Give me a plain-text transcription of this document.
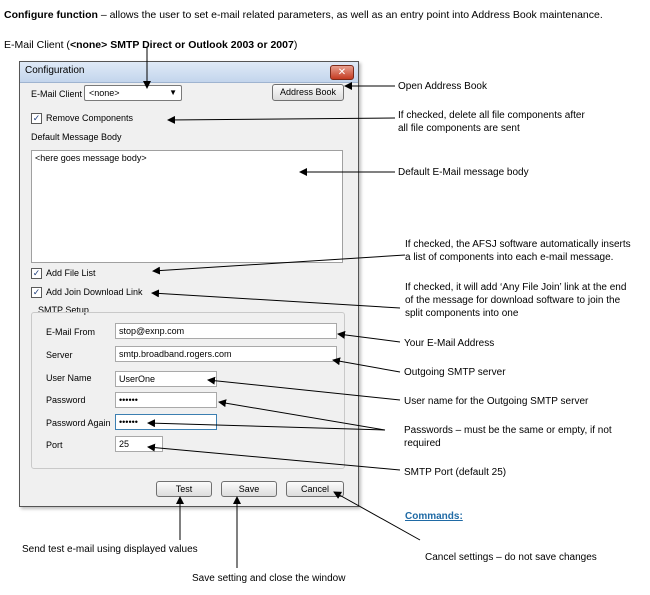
Configure function – allows the user to set e-mail related parameters, as well as an entry point into Address Book maintenance.
E-Mail Client (<none> SMTP Direct or Outlook 2003 or 2007)
Configuration	✕
E-Mail Client <none>	▼	Address Book
✓ Remove Components
Default Message Body
<here goes message body>
✓ Add File List
✓ Add Join Download Link
SMTP Setup
E-Mail From	stop@exnp.com
Server	smtp.broadband.rogers.com
User Name	UserOne
Password	••••••
Password Again ••••••
Port	25
Test	Save	Cancel
Open Address Book
If checked, delete all file components after
all file components are sent
Default E-Mail message body
If checked, the AFSJ software automatically inserts
a list of components into each e-mail message.
If checked, it will add ‘Any File Join’ link at the end
of the message for download software to join the
split components into one
Your E-Mail Address
Outgoing SMTP server
User name for the Outgoing SMTP server
Passwords – must be the same or empty, if not
required
SMTP Port (default 25)
Commands:
Send test e-mail using displayed values
Cancel settings – do not save changes
Save setting and close the window
